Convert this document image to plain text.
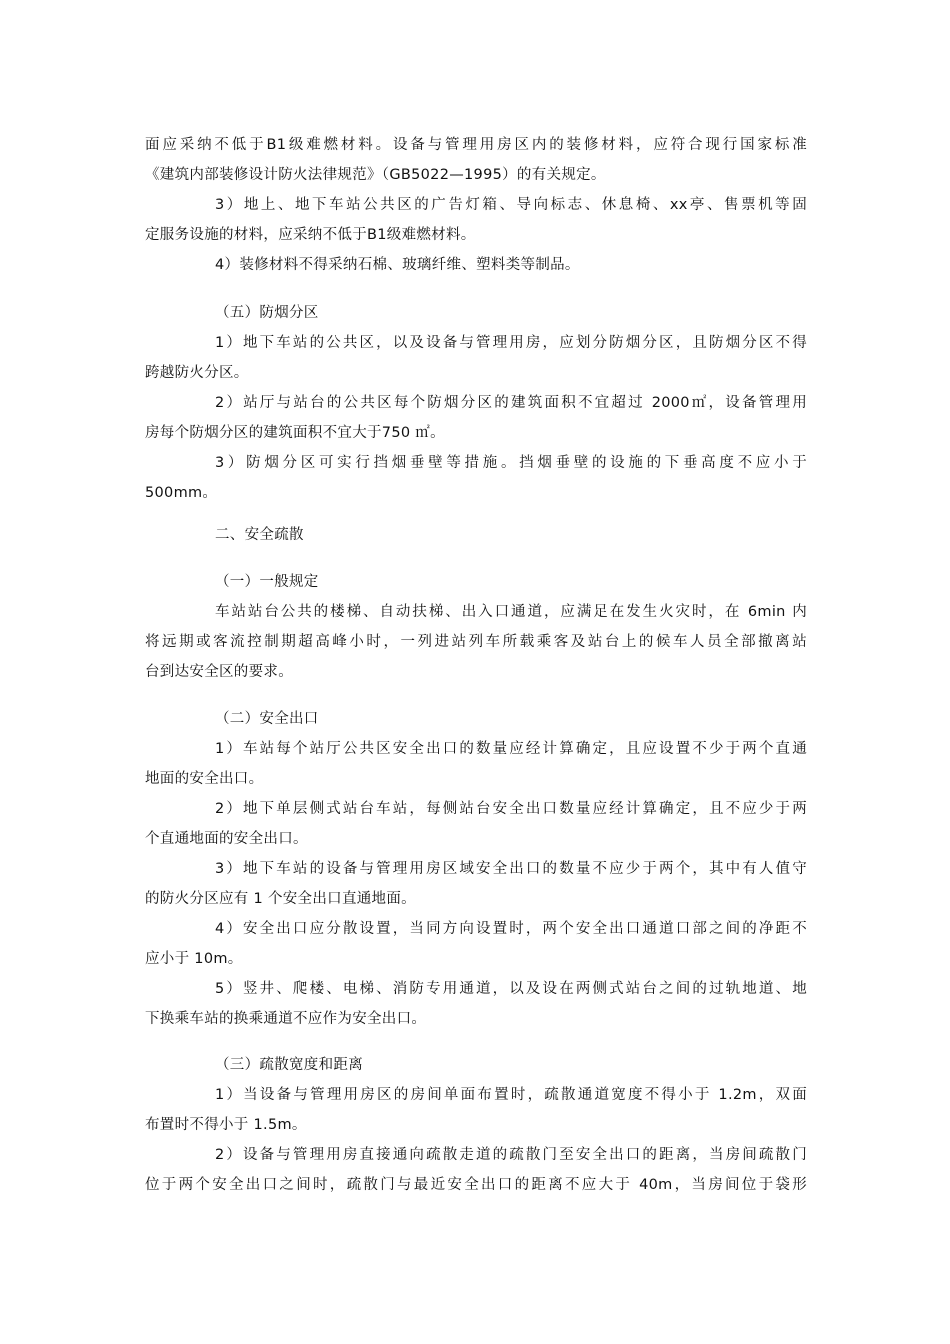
面应采纳不低于B1级难燃材料。设备与管理用房区内的装修材料，应符合现行国家标准
《建筑内部装修设计防火法律规范》（GB5022—1995）的有关规定。
3）地上、地下车站公共区的广告灯箱、导向标志、休息椅、xx亭、售票机等固
定服务设施的材料，应采纳不低于B1级难燃材料。
4）装修材料不得采纳石棉、玻璃纤维、塑料类等制品。
（五）防烟分区
1）地下车站的公共区，以及设备与管理用房，应划分防烟分区，且防烟分区不得
跨越防火分区。
2）站厅与站台的公共区每个防烟分区的建筑面积不宜超过 2000㎡，设备管理用
房每个防烟分区的建筑面积不宜大于750 ㎡。
3）防烟分区可实行挡烟垂壁等措施。挡烟垂壁的设施的下垂高度不应小于
500mm。
二、安全疏散
（一）一般规定
车站站台公共的楼梯、自动扶梯、出入口通道，应满足在发生火灾时，在 6min 内
将远期或客流控制期超高峰小时，一列进站列车所载乘客及站台上的候车人员全部撤离站
台到达安全区的要求。
（二）安全出口
1）车站每个站厅公共区安全出口的数量应经计算确定，且应设置不少于两个直通
地面的安全出口。
2）地下单层侧式站台车站，每侧站台安全出口数量应经计算确定，且不应少于两
个直通地面的安全出口。
3）地下车站的设备与管理用房区域安全出口的数量不应少于两个，其中有人值守
的防火分区应有 1 个安全出口直通地面。
4）安全出口应分散设置，当同方向设置时，两个安全出口通道口部之间的净距不
应小于 10m。
5）竖井、爬楼、电梯、消防专用通道，以及设在两侧式站台之间的过轨地道、地
下换乘车站的换乘通道不应作为安全出口。
（三）疏散宽度和距离
1）当设备与管理用房区的房间单面布置时，疏散通道宽度不得小于 1.2m，双面
布置时不得小于 1.5m。
2）设备与管理用房直接通向疏散走道的疏散门至安全出口的距离，当房间疏散门
位于两个安全出口之间时，疏散门与最近安全出口的距离不应大于 40m，当房间位于袋形
